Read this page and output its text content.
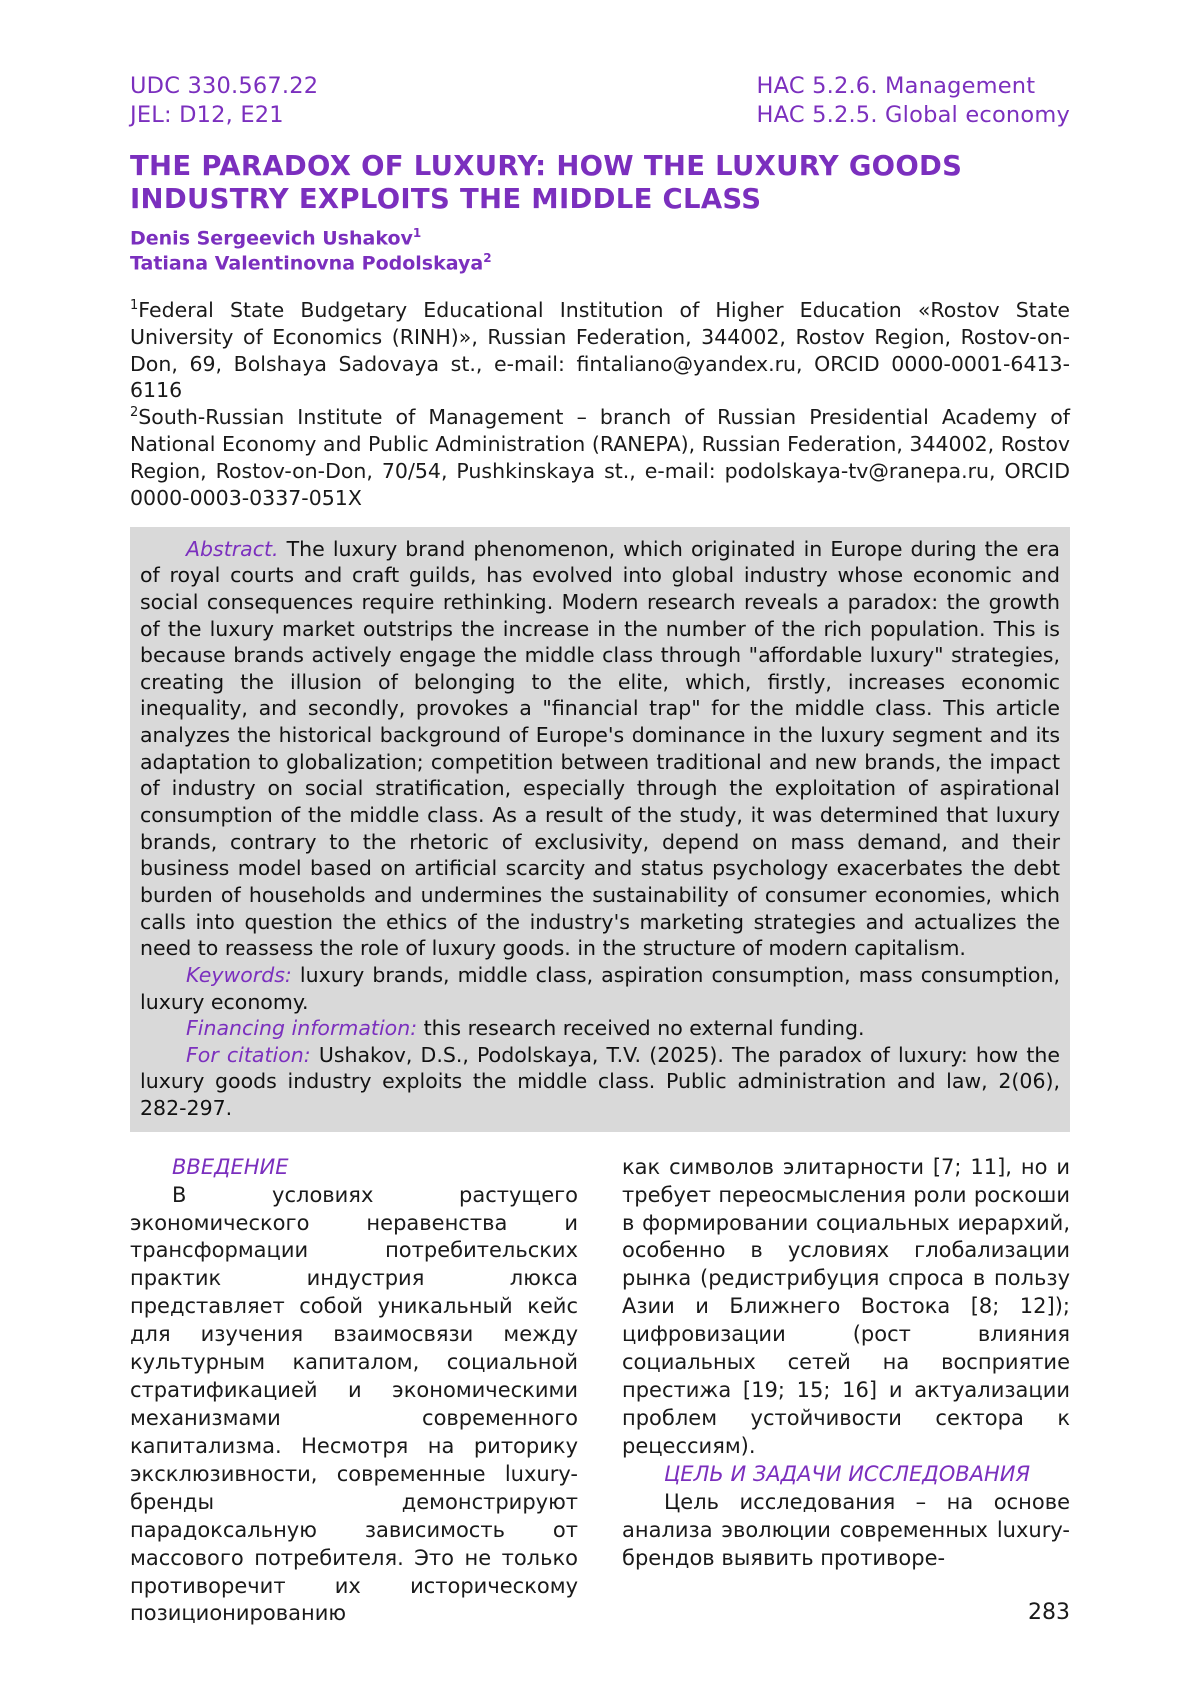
UDC 330.567.22
JEL: D12, E21
HAC 5.2.6. Management
HAC 5.2.5. Global economy
THE PARADOX OF LUXURY: HOW THE LUXURY GOODS INDUSTRY EXPLOITS THE MIDDLE CLASS
Denis Sergeevich Ushakov$^1$
Tatiana Valentinovna Podolskaya$^2$

$^1$Federal State Budgetary Educational Institution of Higher Education «Rostov State University of Economics (RINH)», Russian Federation, 344002, Rostov Region, Rostov-on-Don, 69, Bolshaya Sadovaya st., e-mail: fintaliano@yandex.ru, ORCID 0000-0001-6413-6116

$^2$South-Russian Institute of Management – branch of Russian Presidential Academy of National Economy and Public Administration (RANEPA), Russian Federation, 344002, Rostov Region, Rostov-on-Don, 70/54, Pushkinskaya st., e-mail: podolskaya-tv@ranepa.ru, ORCID 0000-0003-0337-051X

Abstract. The luxury brand phenomenon, which originated in Europe during the era of royal courts and craft guilds, has evolved into global industry whose economic and social consequences require rethinking. Modern research reveals a paradox: the growth of the luxury market outstrips the increase in the number of the rich population. This is because brands actively engage the middle class through "affordable luxury" strategies, creating the illusion of belonging to the elite, which, firstly, increases economic inequality, and secondly, provokes a "financial trap" for the middle class. This article analyzes the historical background of Europe's dominance in the luxury segment and its adaptation to globalization; competition between traditional and new brands, the impact of industry on social stratification, especially through the exploitation of aspirational consumption of the middle class. As a result of the study, it was determined that luxury brands, contrary to the rhetoric of exclusivity, depend on mass demand, and their business model based on artificial scarcity and status psychology exacerbates the debt burden of households and undermines the sustainability of consumer economies, which calls into question the ethics of the industry's marketing strategies and actualizes the need to reassess the role of luxury goods. in the structure of modern capitalism.

Keywords: luxury brands, middle class, aspiration consumption, mass consumption, luxury economy.

Financing information: this research received no external funding.

For citation: Ushakov, D.S., Podolskaya, T.V. (2025). The paradox of luxury: how the luxury goods industry exploits the middle class. Public administration and law, 2(06), 282-297.

ВВЕДЕНИЕ

В условиях растущего экономического неравенства и трансформации потребительских практик индустрия люкса представляет собой уникальный кейс для изучения взаимосвязи между культурным капиталом, социальной стратификацией и экономическими механизмами современного капитализма. Несмотря на риторику эксклюзивности, современные luxury-бренды демонстрируют парадоксальную зависимость от массового потребителя. Это не только противоречит их историческому позиционированию

как символов элитарности [7; 11], но и требует переосмысления роли роскоши в формировании социальных иерархий, особенно в условиях глобализации рынка (редистрибуция спроса в пользу Азии и Ближнего Востока [8; 12]); цифровизации (рост влияния социальных сетей на восприятие престижа [19; 15; 16] и актуализации проблем устойчивости сектора к рецессиям).

ЦЕЛЬ И ЗАДАЧИ ИССЛЕДОВАНИЯ

Цель исследования – на основе анализа эволюции современных luxury-брендов выявить противоре-

283
